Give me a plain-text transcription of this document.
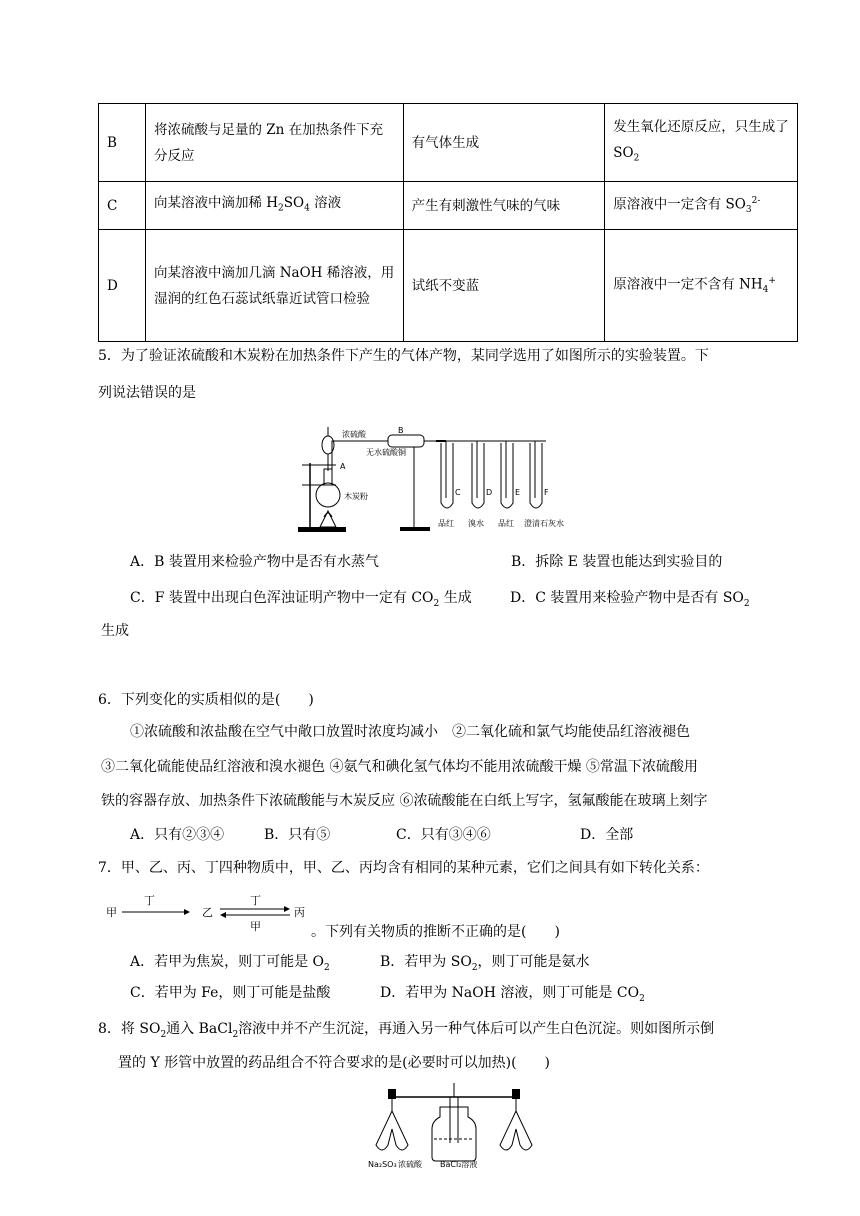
B	将浓硫酸与足量的 Zn 在加热条件下充分反应	有气体生成	发生氧化还原反应，只生成了 $SO_2$
C	向某溶液中滴加稀 $H_2SO_4$ 溶液	产生有刺激性气味的气味	原溶液中一定含有 $SO_3^{2-}$
D	向某溶液中滴加几滴 NaOH 稀溶液，用湿润的红色石蕊试纸靠近试管口检验	试纸不变蓝	原溶液中一定不含有 $NH_4^+$
5．为了验证浓硫酸和木炭粉在加热条件下产生的气体产物，某同学选用了如图所示的实验装置。下
列说法错误的是
浓硫酸	B
无水硫酸铜
A
木炭粉	C	D	E	F
品红 溴水 品红 澄清石灰水
A．B 装置用来检验产物中是否有水蒸气	B．拆除 E 装置也能达到实验目的
C．F 装置中出现白色浑浊证明产物中一定有 $CO_2$ 生成	D．C 装置用来检验产物中是否有 $SO_2$
生成
6．下列变化的实质相似的是(　　)
①浓硫酸和浓盐酸在空气中敞口放置时浓度均减小　②二氧化硫和氯气均能使品红溶液褪色
③二氧化硫能使品红溶液和溴水褪色 ④氨气和碘化氢气体均不能用浓硫酸干燥 ⑤常温下浓硫酸用
铁的容器存放、加热条件下浓硫酸能与木炭反应 ⑥浓硫酸能在白纸上写字，氢氟酸能在玻璃上刻字
A．只有②③④	B．只有⑤	C．只有③④⑥	D．全部
7．甲、乙、丙、丁四种物质中，甲、乙、丙均含有相同的某种元素，它们之间具有如下转化关系：
甲
丁
乙
丁
丙
甲	。下列有关物质的推断不正确的是(　　)
A．若甲为焦炭，则丁可能是 $O_2$	B．若甲为 $SO_2$，则丁可能是氨水
C．若甲为 Fe，则丁可能是盐酸	D．若甲为 NaOH 溶液，则丁可能是 $CO_2$
8．将 $SO_2$通入 BaCl$_2$溶液中并不产生沉淀，再通入另一种气体后可以产生白色沉淀。则如图所示倒
置的 Y 形管中放置的药品组合不符合要求的是(必要时可以加热)(　　)
Na₂SO₃ 浓硫酸 BaCl₂溶液
